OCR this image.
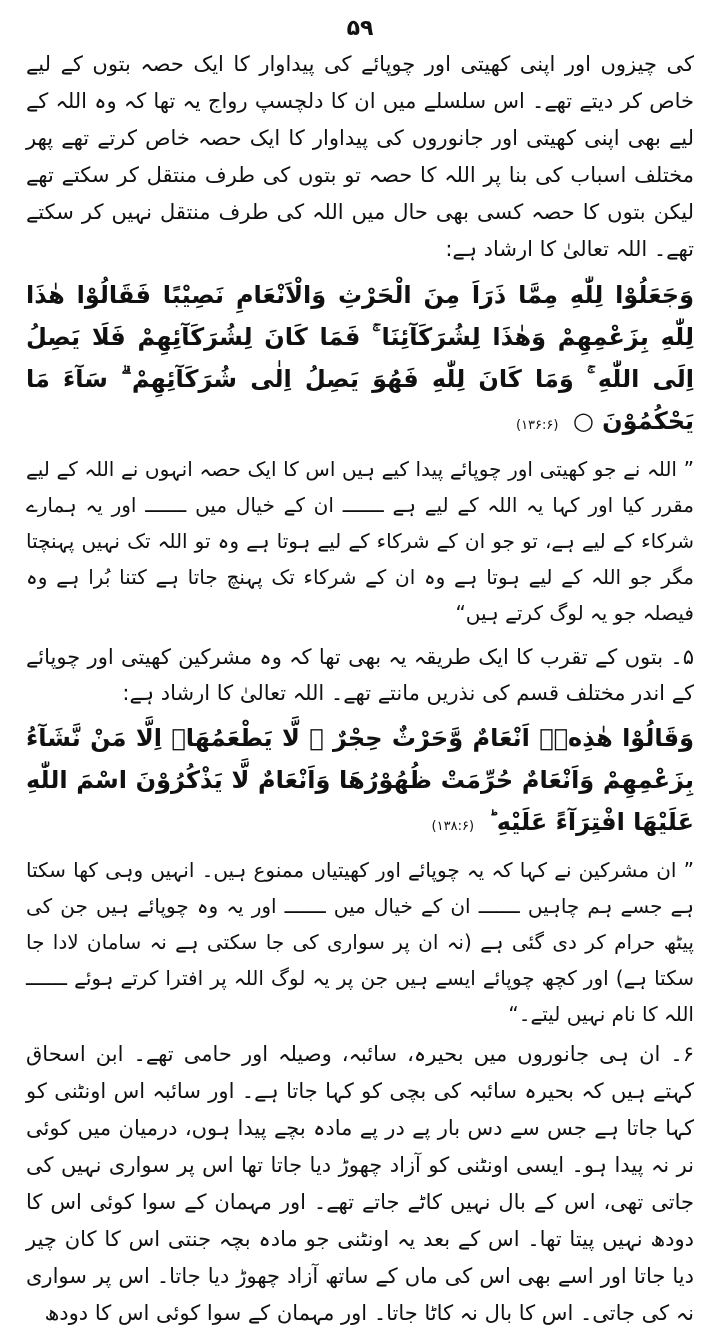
۵۹

کی چیزوں اور اپنی کھیتی اور چوپائے کی پیداوار کا ایک حصہ بتوں کے لیے خاص کر دیتے تھے۔ اس سلسلے میں ان کا دلچسپ رواج یہ تھا کہ وہ اللہ کے لیے بھی اپنی کھیتی اور جانوروں کی پیداوار کا ایک حصہ خاص کرتے تھے پھر مختلف اسباب کی بنا پر اللہ کا حصہ تو بتوں کی طرف منتقل کر سکتے تھے لیکن بتوں کا حصہ کسی بھی حال میں اللہ کی طرف منتقل نہیں کر سکتے تھے۔ اللہ تعالیٰ کا ارشاد ہے:

وَجَعَلُوْا لِلّٰهِ مِمَّا ذَرَاَ مِنَ الْحَرْثِ وَالْاَنْعَامِ نَصِیْبًا فَقَالُوْا هٰذَا لِلّٰهِ بِزَعْمِهِمْ وَهٰذَا لِشُرَكَآئِنَا ۚ فَمَا كَانَ لِشُرَكَآئِهِمْ فَلَا یَصِلُ اِلَى اللّٰهِ ۚ وَمَا كَانَ لِلّٰهِ فَهُوَ یَصِلُ اِلٰى شُرَكَآئِهِمْ ۗ سَآءَ مَا یَحْكُمُوْنَ ○ (۱۳۶:۶)

” اللہ نے جو کھیتی اور چوپائے پیدا کیے ہیں اس کا ایک حصہ انہوں نے اللہ کے لیے مقرر کیا اور کہا یہ اللہ کے لیے ہے ـــــــ ان کے خیال میں ـــــــ اور یہ ہمارے شرکاء کے لیے ہے، تو جو ان کے شرکاء کے لیے ہوتا ہے وہ تو اللہ تک نہیں پہنچتا مگر جو اللہ کے لیے ہوتا ہے وہ ان کے شرکاء تک پہنچ جاتا ہے کتنا بُرا ہے وہ فیصلہ جو یہ لوگ کرتے ہیں“

۵۔ بتوں کے تقرب کا ایک طریقہ یہ بھی تھا کہ وہ مشرکین کھیتی اور چوپائے کے اندر مختلف قسم کی نذریں مانتے تھے۔ اللہ تعالیٰ کا ارشاد ہے:

وَقَالُوْا هٰذِهٖۤ اَنْعَامٌ وَّحَرْثٌ حِجْرٌ ۖ لَّا یَطْعَمُهَاۤ اِلَّا مَنْ نَّشَآءُ بِزَعْمِهِمْ وَاَنْعَامٌ حُرِّمَتْ ظُهُوْرُهَا وَاَنْعَامٌ لَّا یَذْكُرُوْنَ اسْمَ اللّٰهِ عَلَیْهَا افْتِرَآءً عَلَیْهِ ؕ (۱۳۸:۶)

” ان مشرکین نے کہا کہ یہ چوپائے اور کھیتیاں ممنوع ہیں۔ انہیں وہی کھا سکتا ہے جسے ہم چاہیں ـــــــ ان کے خیال میں ـــــــ اور یہ وہ چوپائے ہیں جن کی پیٹھ حرام کر دی گئی ہے (نہ ان پر سواری کی جا سکتی ہے نہ سامان لادا جا سکتا ہے) اور کچھ چوپائے ایسے ہیں جن پر یہ لوگ اللہ پر افترا کرتے ہوئے ـــــــ اللہ کا نام نہیں لیتے۔“

۶۔ ان ہی جانوروں میں بحیرہ، سائبہ، وصیلہ اور حامی تھے۔ ابن اسحاق کہتے ہیں کہ بحیرہ سائبہ کی بچی کو کہا جاتا ہے۔ اور سائبہ اس اونٹنی کو کہا جاتا ہے جس سے دس بار پے در پے مادہ بچے پیدا ہوں، درمیان میں کوئی نر نہ پیدا ہو۔ ایسی اونٹنی کو آزاد چھوڑ دیا جاتا تھا اس پر سواری نہیں کی جاتی تھی، اس کے بال نہیں کاٹے جاتے تھے۔ اور مہمان کے سوا کوئی اس کا دودھ نہیں پیتا تھا۔ اس کے بعد یہ اونٹنی جو مادہ بچہ جنتی اس کا کان چیر دیا جاتا اور اسے بھی اس کی ماں کے ساتھ آزاد چھوڑ دیا جاتا۔ اس پر سواری نہ کی جاتی۔ اس کا بال نہ کاٹا جاتا۔ اور مہمان کے سوا کوئی اس کا دودھ
